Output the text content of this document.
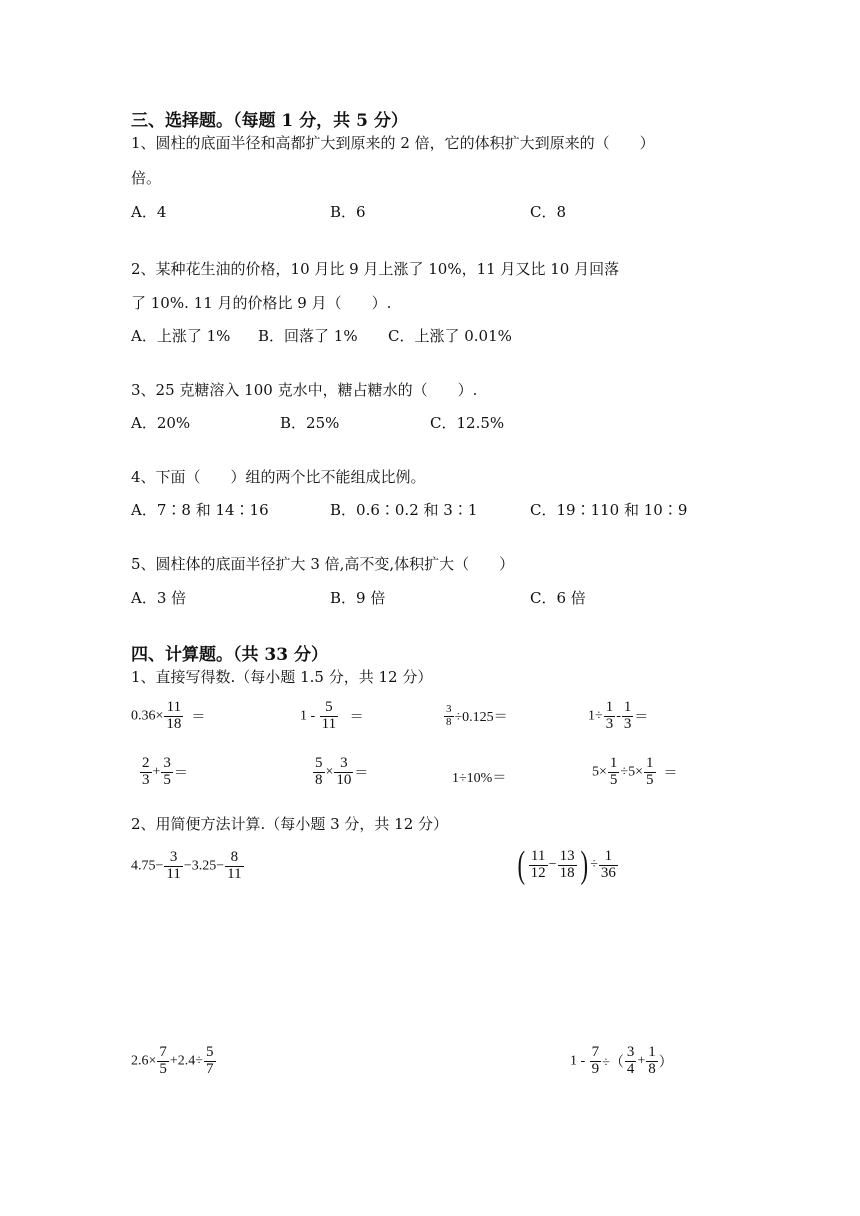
三、选择题。（每题 1 分，共 5 分）
1、圆柱的底面半径和高都扩大到原来的 2 倍，它的体积扩大到原来的（　　）
倍。
A．4	B．6	C．8
2、某种花生油的价格，10 月比 9 月上涨了 10%，11 月又比 10 月回落
了 10%. 11 月的价格比 9 月（　　）.
A．上涨了 1% B．回落了 1% C．上涨了 0.01%
3、25 克糖溶入 100 克水中，糖占糖水的（　　）.
A．20%	B．25%	C．12.5%
4、下面（　　）组的两个比不能组成比例。
A．7∶8 和 14∶16	B．0.6∶0.2 和 3∶1	C．19∶110 和 10∶9
5、圆柱体的底面半径扩大 3 倍,高不变,体积扩大（　　）
A．3 倍	B．9 倍	C．6 倍
四、计算题。（共 33 分）
1、直接写得数.（每小题 1.5 分，共 12 分）
$0.36\times \frac{11}{18}$ ＝	$1 - \frac{5}{11}$ ＝	$\frac{3}{8} \div 0.125=$	$1\div \frac{1}{3} - \frac{1}{3}$ ＝
$\frac{2}{3} + \frac{3}{5}$ ＝	$\frac{5}{8} \times \frac{3}{10}$ ＝	1÷10%＝	$5\times \frac{1}{5} \div 5\times \frac{1}{5}$ ＝
2、用简便方法计算.（每小题 3 分，共 12 分）
$4.75- \frac{3}{11} -3.25- \frac{8}{11}$	( $\frac{11}{12} - \frac{13}{18}$ ) ÷ $\frac{1}{36}$
$2.6\times \frac{7}{5} +2.4\div \frac{5}{7}$	$1 - \frac{7}{9}$ ÷（ $\frac{3}{4} + \frac{1}{8}$ ）
